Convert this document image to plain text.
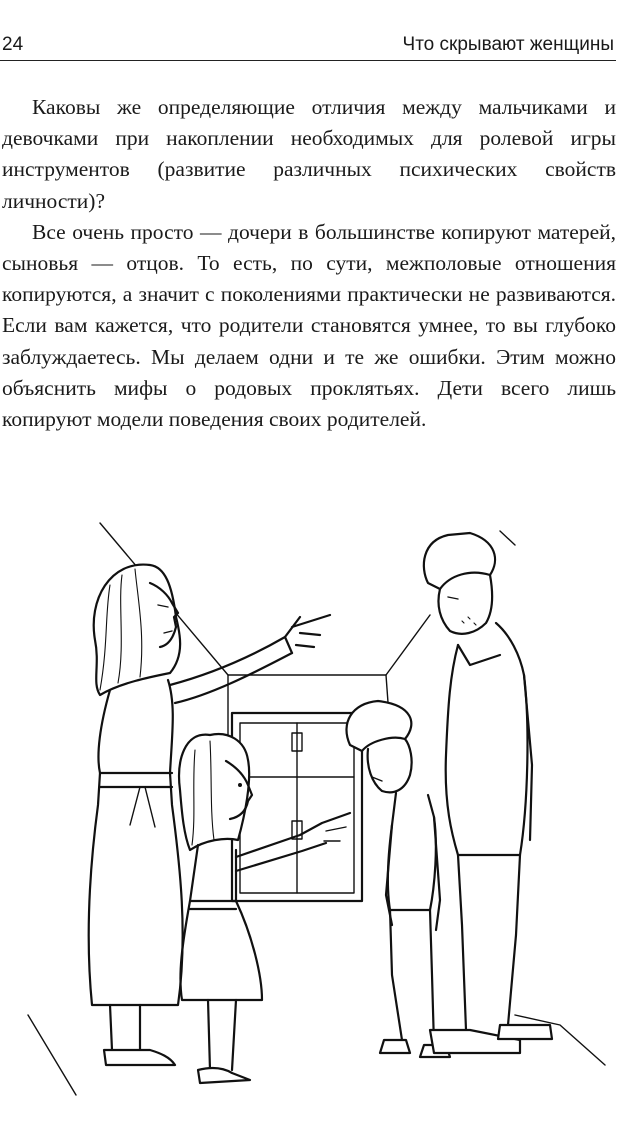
24	Что скрывают женщины

Каковы же определяющие отличия между мальчиками и девочками при накоплении необходимых для ролевой игры инструментов (развитие различных психических свойств личности)?

Все очень просто — дочери в большинстве копируют матерей, сыновья — отцов. То есть, по сути, межполовые отношения копируются, а значит с поколениями практически не развиваются. Если вам кажется, что родители становятся умнее, то вы глубоко заблуждаетесь. Мы делаем одни и те же ошибки. Этим можно объяснить мифы о родовых проклятьях. Дети всего лишь копируют модели поведения своих родителей.
